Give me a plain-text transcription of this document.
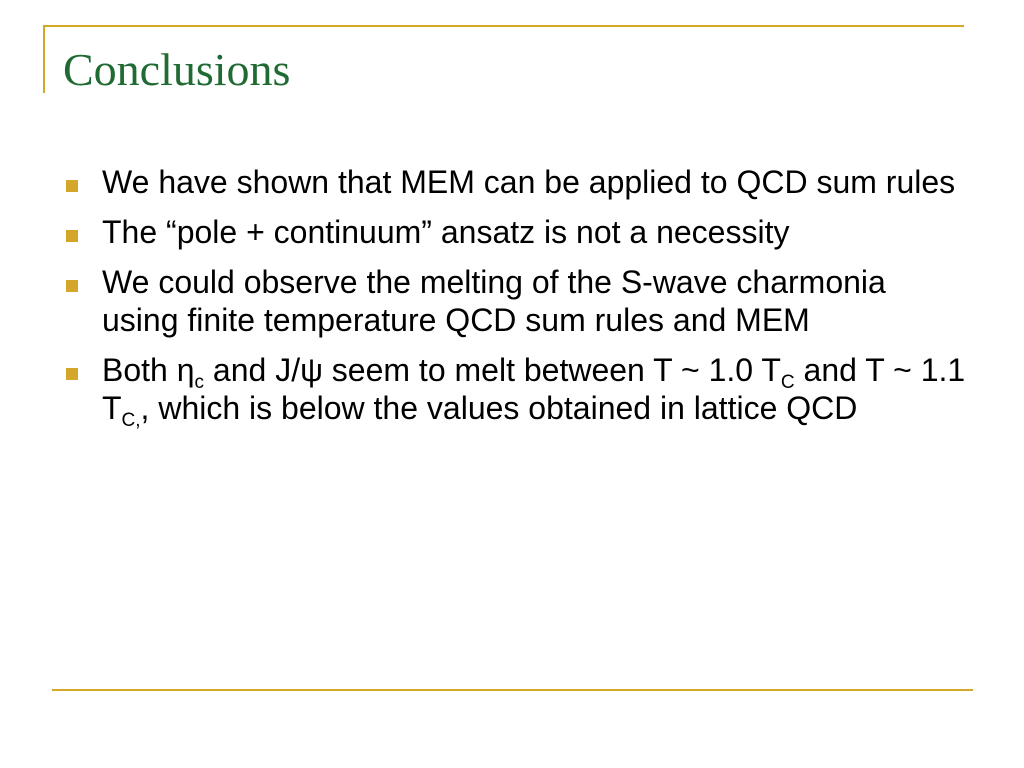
Conclusions
We have shown that MEM can be applied to QCD sum rules
The “pole + continuum” ansatz is not a necessity
We could observe the melting of the S-wave charmonia using finite temperature QCD sum rules and MEM
Both $\eta_c$ and J/ψ seem to melt between T ~ 1.0 $T_C$ and T ~ 1.1 $T_{C,}$, which is below the values obtained in lattice QCD
